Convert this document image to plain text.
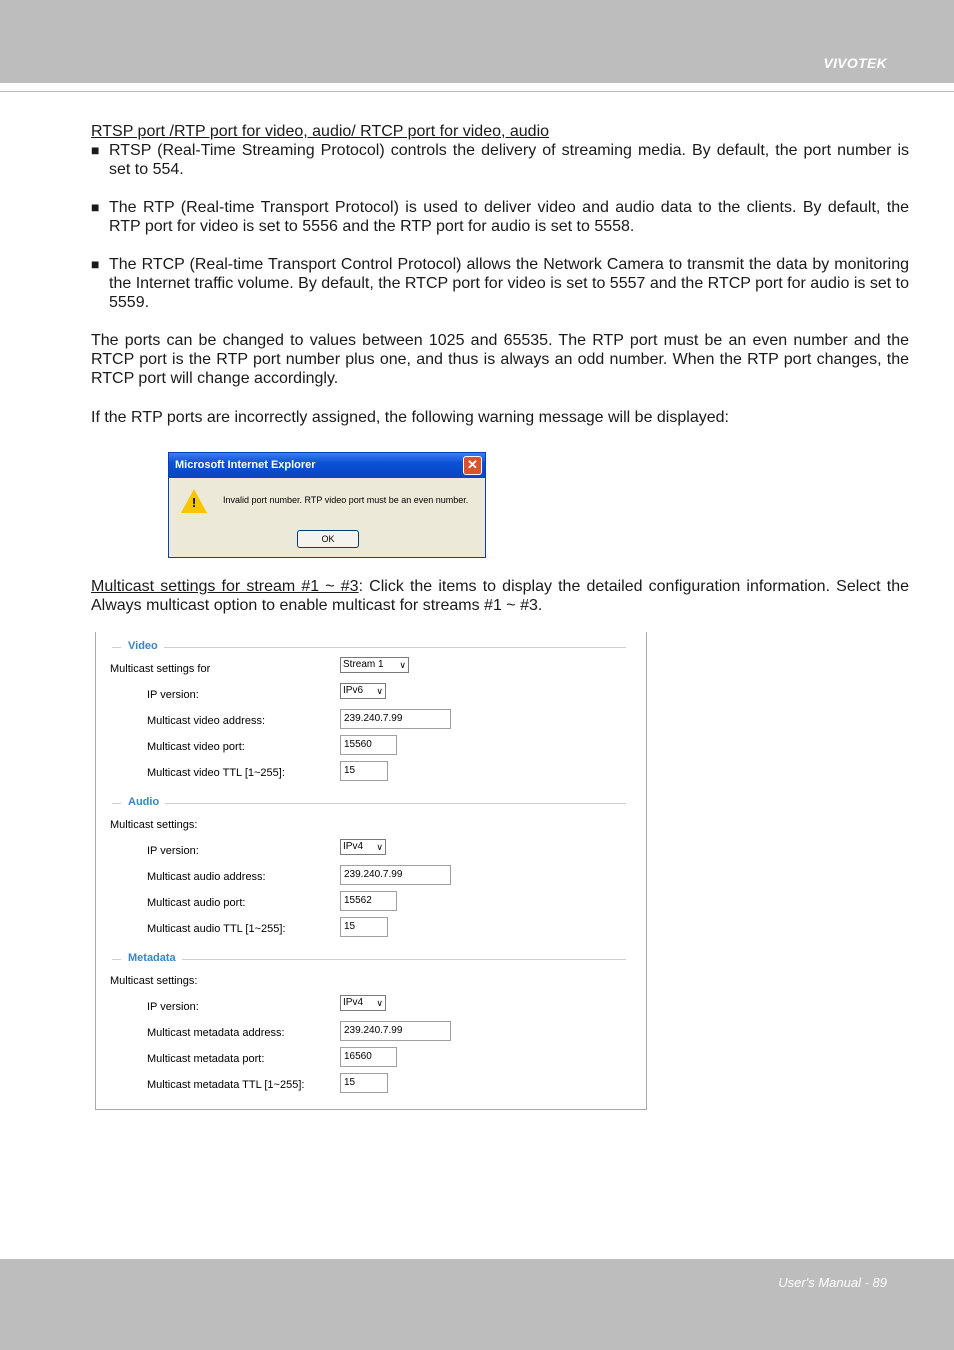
VIVOTEK

RTSP port /RTP port for video, audio/ RTCP port for video, audio

■ RTSP (Real-Time Streaming Protocol) controls the delivery of streaming media. By default, the port number is set to 554.
■ The RTP (Real-time Transport Protocol) is used to deliver video and audio data to the clients. By default, the RTP port for video is set to 5556 and the RTP port for audio is set to 5558.
■ The RTCP (Real-time Transport Control Protocol) allows the Network Camera to transmit the data by monitoring the Internet traffic volume. By default, the RTCP port for video is set to 5557 and the RTCP port for audio is set to 5559.

The ports can be changed to values between 1025 and 65535. The RTP port must be an even number and the RTCP port is the RTP port number plus one, and thus is always an odd number. When the RTP port changes, the RTCP port will change accordingly.

If the RTP ports are incorrectly assigned, the following warning message will be displayed:

Microsoft Internet Explorer	✕
!	Invalid port number. RTP video port must be an even number.
OK
Multicast settings for stream #1 ~ #3: Click the items to display the detailed configuration information. Select the Always multicast option to enable multicast for streams #1 ~ #3.
Video
Multicast settings for	Stream 1 ∨
IP version:	IPv6 ∨
Multicast video address:	239.240.7.99
Multicast video port:	15560
Multicast video TTL [1~255]:	15
Audio
Multicast settings:
IP version:	IPv4 ∨
Multicast audio address:	239.240.7.99
Multicast audio port:	15562
Multicast audio TTL [1~255]:	15
Metadata
Multicast settings:
IP version:	IPv4 ∨
Multicast metadata address:	239.240.7.99
Multicast metadata port:	16560
Multicast metadata TTL [1~255]:	15
User's Manual - 89
